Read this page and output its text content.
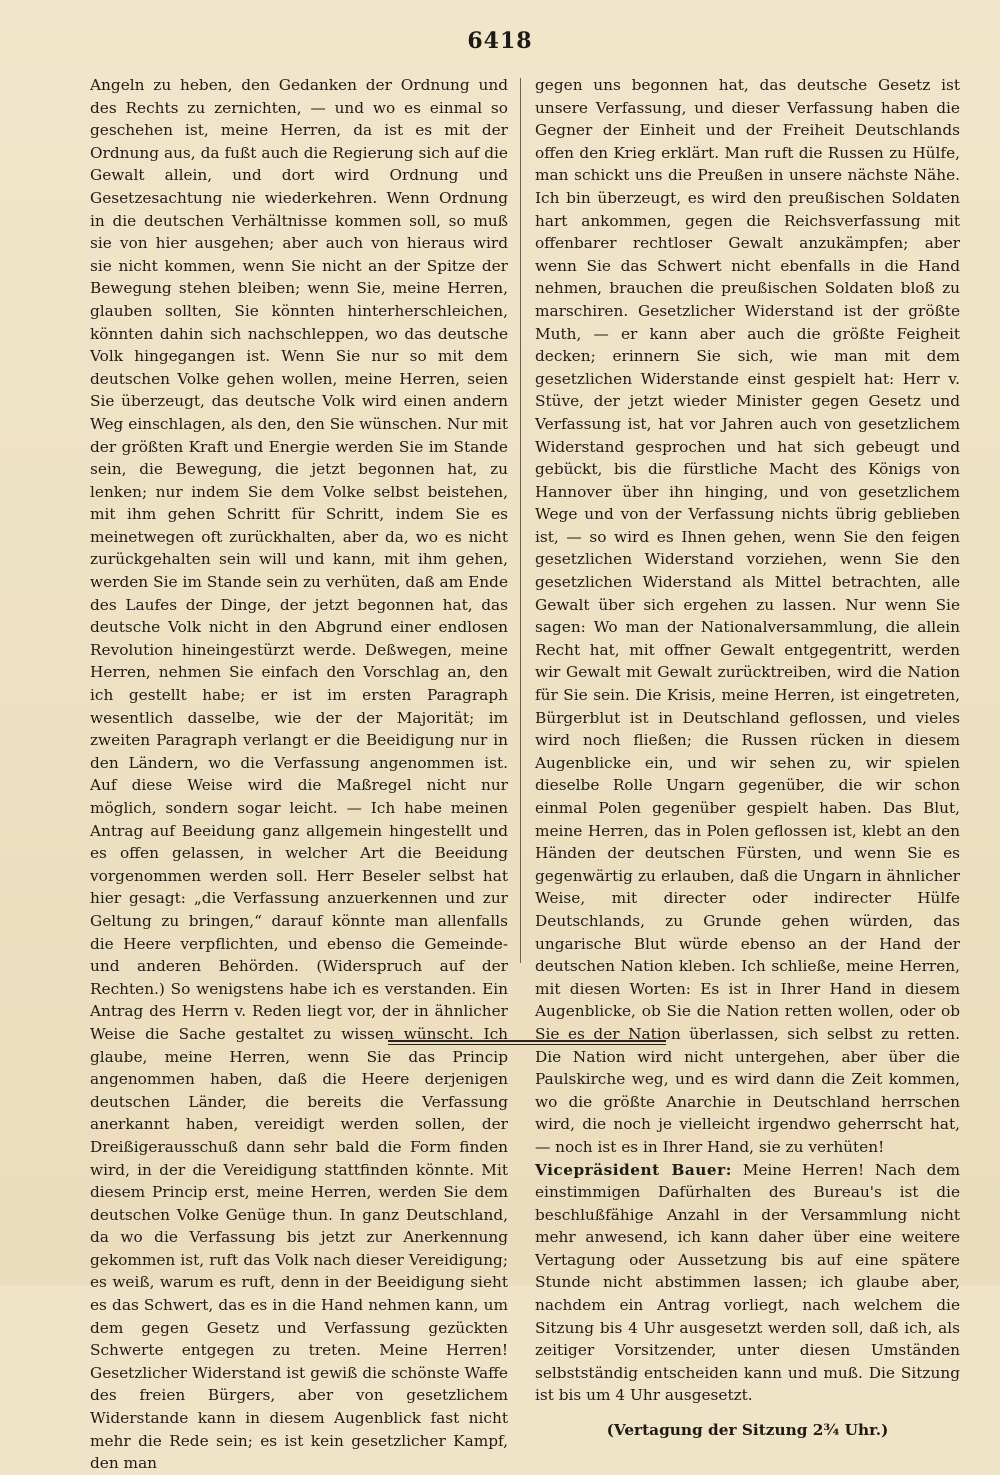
6418

Angeln zu heben, den Gedanken der Ordnung und des Rechts zu zernichten, — und wo es einmal so geschehen ist, meine Herren, da ist es mit der Ordnung aus, da fußt auch die Regierung sich auf die Gewalt allein, und dort wird Ordnung und Gesetzesachtung nie wiederkehren. Wenn Ordnung in die deutschen Verhältnisse kommen soll, so muß sie von hier ausgehen; aber auch von hieraus wird sie nicht kommen, wenn Sie nicht an der Spitze der Bewegung stehen bleiben; wenn Sie, meine Herren, glauben sollten, Sie könnten hinterherschleichen, könnten dahin sich nachschleppen, wo das deutsche Volk hingegangen ist. Wenn Sie nur so mit dem deutschen Volke gehen wollen, meine Herren, seien Sie überzeugt, das deutsche Volk wird einen andern Weg einschlagen, als den, den Sie wünschen. Nur mit der größten Kraft und Energie werden Sie im Stande sein, die Bewegung, die jetzt begonnen hat, zu lenken; nur indem Sie dem Volke selbst beistehen, mit ihm gehen Schritt für Schritt, indem Sie es meinetwegen oft zurückhalten, aber da, wo es nicht zurückgehalten sein will und kann, mit ihm gehen, werden Sie im Stande sein zu verhüten, daß am Ende des Laufes der Dinge, der jetzt begonnen hat, das deutsche Volk nicht in den Abgrund einer endlosen Revolution hineingestürzt werde. Deßwegen, meine Herren, nehmen Sie einfach den Vorschlag an, den ich gestellt habe; er ist im ersten Paragraph wesentlich dasselbe, wie der der Majorität; im zweiten Paragraph verlangt er die Beeidigung nur in den Ländern, wo die Verfassung angenommen ist. Auf diese Weise wird die Maßregel nicht nur möglich, sondern sogar leicht. — Ich habe meinen Antrag auf Beeidung ganz allgemein hingestellt und es offen gelassen, in welcher Art die Beeidung vorgenommen werden soll. Herr Beseler selbst hat hier gesagt: „die Verfassung anzuerkennen und zur Geltung zu bringen,“ darauf könnte man allenfalls die Heere verpflichten, und ebenso die Gemeinde- und anderen Behörden. (Widerspruch auf der Rechten.) So wenigstens habe ich es verstanden. Ein Antrag des Herrn v. Reden liegt vor, der in ähnlicher Weise die Sache gestaltet zu wissen wünscht. Ich glaube, meine Herren, wenn Sie das Princip angenommen haben, daß die Heere derjenigen deutschen Länder, die bereits die Verfassung anerkannt haben, vereidigt werden sollen, der Dreißigerausschuß dann sehr bald die Form finden wird, in der die Vereidigung stattfinden könnte. Mit diesem Princip erst, meine Herren, werden Sie dem deutschen Volke Genüge thun. In ganz Deutschland, da wo die Verfassung bis jetzt zur Anerkennung gekommen ist, ruft das Volk nach dieser Vereidigung; es weiß, warum es ruft, denn in der Beeidigung sieht es das Schwert, das es in die Hand nehmen kann, um dem gegen Gesetz und Verfassung gezückten Schwerte entgegen zu treten. Meine Herren! Gesetzlicher Widerstand ist gewiß die schönste Waffe des freien Bürgers, aber von gesetzlichem Widerstande kann in diesem Augenblick fast nicht mehr die Rede sein; es ist kein gesetzlicher Kampf, den man

gegen uns begonnen hat, das deutsche Gesetz ist unsere Verfassung, und dieser Verfassung haben die Gegner der Einheit und der Freiheit Deutschlands offen den Krieg erklärt. Man ruft die Russen zu Hülfe, man schickt uns die Preußen in unsere nächste Nähe. Ich bin überzeugt, es wird den preußischen Soldaten hart ankommen, gegen die Reichsverfassung mit offenbarer rechtloser Gewalt anzukämpfen; aber wenn Sie das Schwert nicht ebenfalls in die Hand nehmen, brauchen die preußischen Soldaten bloß zu marschiren. Gesetzlicher Widerstand ist der größte Muth, — er kann aber auch die größte Feigheit decken; erinnern Sie sich, wie man mit dem gesetzlichen Widerstande einst gespielt hat: Herr v. Stüve, der jetzt wieder Minister gegen Gesetz und Verfassung ist, hat vor Jahren auch von gesetzlichem Widerstand gesprochen und hat sich gebeugt und gebückt, bis die fürstliche Macht des Königs von Hannover über ihn hinging, und von gesetzlichem Wege und von der Verfassung nichts übrig geblieben ist, — so wird es Ihnen gehen, wenn Sie den feigen gesetzlichen Widerstand vorziehen, wenn Sie den gesetzlichen Widerstand als Mittel betrachten, alle Gewalt über sich ergehen zu lassen. Nur wenn Sie sagen: Wo man der Nationalversammlung, die allein Recht hat, mit offner Gewalt entgegentritt, werden wir Gewalt mit Gewalt zurücktreiben, wird die Nation für Sie sein. Die Krisis, meine Herren, ist eingetreten, Bürgerblut ist in Deutschland geflossen, und vieles wird noch fließen; die Russen rücken in diesem Augenblicke ein, und wir sehen zu, wir spielen dieselbe Rolle Ungarn gegenüber, die wir schon einmal Polen gegenüber gespielt haben. Das Blut, meine Herren, das in Polen geflossen ist, klebt an den Händen der deutschen Fürsten, und wenn Sie es gegenwärtig zu erlauben, daß die Ungarn in ähnlicher Weise, mit directer oder indirecter Hülfe Deutschlands, zu Grunde gehen würden, das ungarische Blut würde ebenso an der Hand der deutschen Nation kleben. Ich schließe, meine Herren, mit diesen Worten: Es ist in Ihrer Hand in diesem Augenblicke, ob Sie die Nation retten wollen, oder ob Sie es der Nation überlassen, sich selbst zu retten. Die Nation wird nicht untergehen, aber über die Paulskirche weg, und es wird dann die Zeit kommen, wo die größte Anarchie in Deutschland herrschen wird, die noch je vielleicht irgendwo geherrscht hat, — noch ist es in Ihrer Hand, sie zu verhüten!

Vicepräsident Bauer: Meine Herren! Nach dem einstimmigen Dafürhalten des Bureau's ist die beschlußfähige Anzahl in der Versammlung nicht mehr anwesend, ich kann daher über eine weitere Vertagung oder Aussetzung bis auf eine spätere Stunde nicht abstimmen lassen; ich glaube aber, nachdem ein Antrag vorliegt, nach welchem die Sitzung bis 4 Uhr ausgesetzt werden soll, daß ich, als zeitiger Vorsitzender, unter diesen Umständen selbstständig entscheiden kann und muß. Die Sitzung ist bis um 4 Uhr ausgesetzt.

(Vertagung der Sitzung 2¾ Uhr.)
